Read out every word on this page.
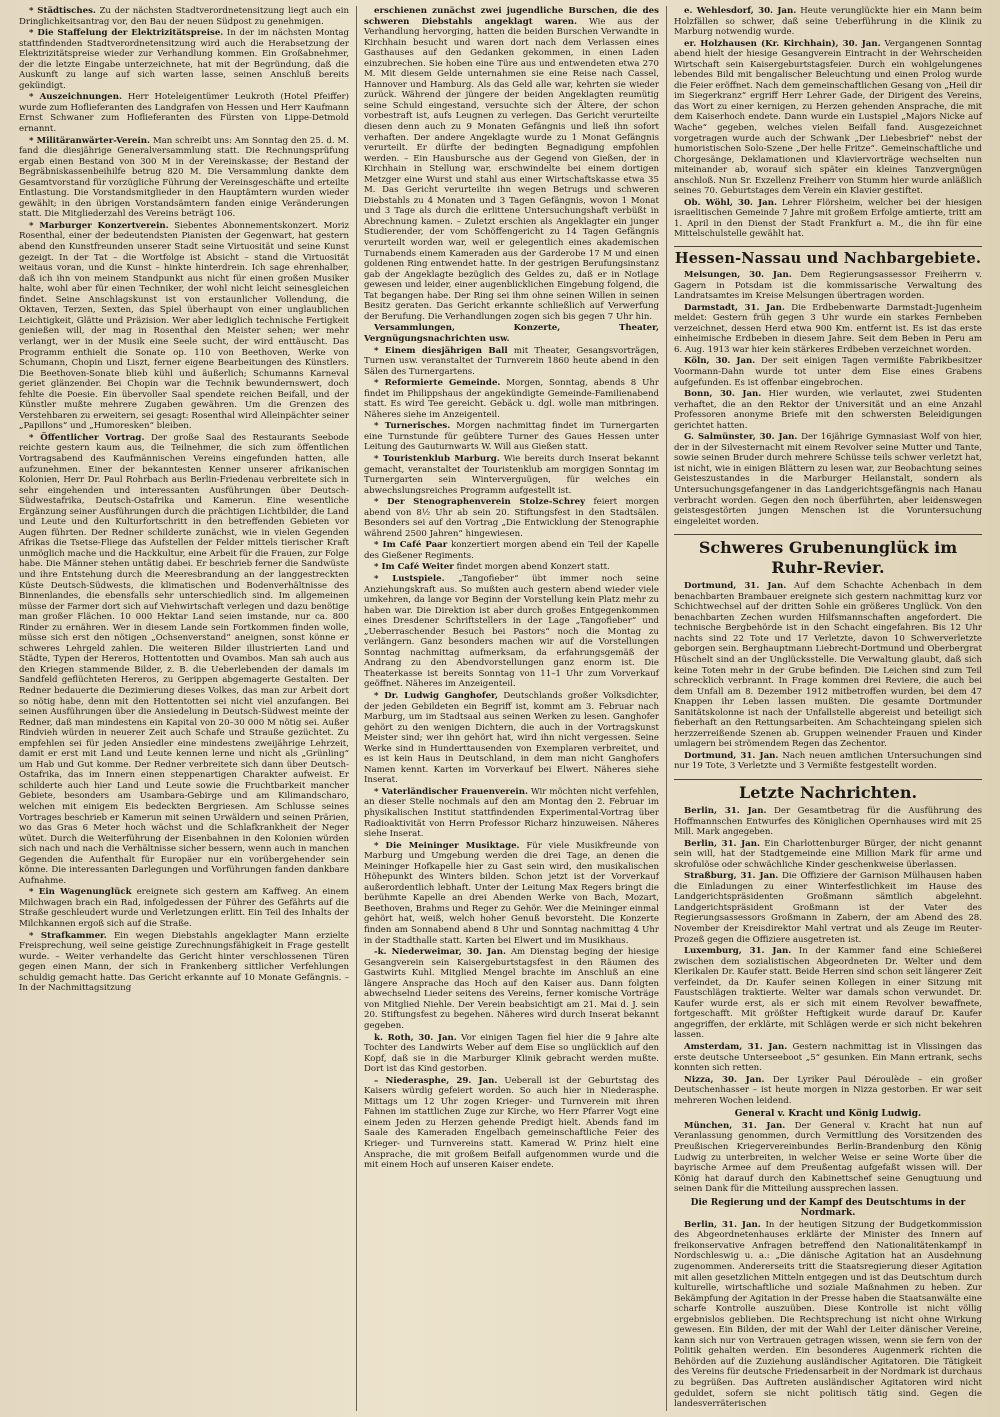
* Städtisches. Zu der nächsten Stadtverordnetensitzung liegt auch ein Dringlichkeitsantrag vor, den Bau der neuen Südpost zu genehmigen.

* Die Staffelung der Elektrizitätspreise. In der im nächsten Montag stattfindenden Stadtverordnetensitzung wird auch die Herabsetzung der Elektrizitätspreise wieder zur Verhandlung kommen. Ein Großabnehmer, der die letzte Eingabe unterzeichnete, hat mit der Begründung, daß die Auskunft zu lange auf sich warten lasse, seinen Anschluß bereits gekündigt.

* Auszeichnungen. Herr Hoteleigentümer Leukroth (Hotel Pfeiffer) wurde zum Hoflieferanten des Landgrafen von Hessen und Herr Kaufmann Ernst Schwaner zum Hoflieferanten des Fürsten von Lippe-Detmold ernannt.

* Militäranwärter-Verein. Man schreibt uns: Am Sonntag den 25. d. M. fand die diesjährige Generalversammlung statt. Die Rechnungsprüfung ergab einen Bestand von 300 M in der Vereinskasse; der Bestand der Begräbniskassenbeihilfe betrug 820 M. Die Versammlung dankte dem Gesamtvorstand für vorzügliche Führung der Vereinsgeschäfte und erteilte Entlastung. Die Vorstandsmitglieder in den Hauptämtern wurden wieder gewählt; in den übrigen Vorstandsämtern fanden einige Veränderungen statt. Die Mitgliederzahl des Vereins beträgt 106.

* Marburger Konzertverein. Siebentes Abonnementskonzert. Moriz Rosenthal, einer der bedeutendsten Pianisten der Gegenwart, hat gestern abend den Kunstfreunden unserer Stadt seine Virtuosität und seine Kunst gezeigt. In der Tat – die Wortfolge ist Absicht – stand die Virtuosität weitaus voran, und die Kunst – hinkte hinterdrein. Ich sage ehrenhalber, daß ich ihn von meinem Standpunkt aus nicht für einen großen Musiker halte, wohl aber für einen Techniker, der wohl nicht leicht seinesgleichen findet. Seine Anschlagskunst ist von erstaunlicher Vollendung, die Oktaven, Terzen, Sexten, das Spiel überhaupt von einer unglaublichen Leichtigkeit, Glätte und Präzision. Wer aber lediglich technische Fertigkeit genießen will, der mag in Rosenthal den Meister sehen; wer mehr verlangt, wer in der Musik eine Seele sucht, der wird enttäuscht. Das Programm enthielt die Sonate op. 110 von Beethoven, Werke von Schumann, Chopin und Liszt, ferner eigene Bearbeitungen des Künstlers. Die Beethoven-Sonate blieb kühl und äußerlich; Schumanns Karneval geriet glänzender. Bei Chopin war die Technik bewundernswert, doch fehlte die Poesie. Ein übervoller Saal spendete reichen Beifall, und der Künstler mußte mehrere Zugaben gewähren. Um die Grenzen des Verstehbaren zu erweitern, sei gesagt: Rosenthal wird Alleinpächter seiner „Papillons“ und „Humoresken“ bleiben.

* Öffentlicher Vortrag. Der große Saal des Restaurants Seebode reichte gestern kaum aus, die Teilnehmer, die sich zum öffentlichen Vortragsabend des Kaufmännischen Vereins eingefunden hatten, alle aufzunehmen. Einer der bekanntesten Kenner unserer afrikanischen Kolonien, Herr Dr. Paul Rohrbach aus Berlin-Friedenau verbreitete sich in sehr eingehenden und interessanten Ausführungen über Deutsch-Südwestafrika, Deutsch-Ostafrika und Kamerun. Eine wesentliche Ergänzung seiner Ausführungen durch die prächtigen Lichtbilder, die Land und Leute und den Kulturfortschritt in den betreffenden Gebieten vor Augen führten. Der Redner schilderte zunächst, wie in vielen Gegenden Afrikas die Tsetse-Fliege das Aufstellen der Felder mittels tierischer Kraft unmöglich mache und die Hackkultur, eine Arbeit für die Frauen, zur Folge habe. Die Männer stehen untätig dabei. Er beschrieb ferner die Sandwüste und ihre Entstehung durch die Meeresbrandung an der langgestreckten Küste Deutsch-Südwests, die klimatischen und Bodenverhältnisse des Binnenlandes, die ebensfalls sehr unterschiedlich sind. Im allgemeinen müsse der Farmer dort sich auf Viehwirtschaft verlegen und dazu benötige man großer Flächen. 10 000 Hektar Land seien imstande, nur ca. 800 Rinder zu ernähren. Wer in diesem Lande sein Fortkommen finden wolle, müsse sich erst den nötigen „Ochsenverstand“ aneignen, sonst könne er schweres Lehrgeld zahlen. Die weiteren Bilder illustrierten Land und Städte, Typen der Hereros, Hottentotten und Ovambos. Man sah auch aus den Kriegen stammende Bilder, z. B. die Ueberlebenden der damals im Sandfeld geflüchteten Hereros, zu Gerippen abgemagerte Gestalten. Der Redner bedauerte die Dezimierung dieses Volkes, das man zur Arbeit dort so nötig habe, denn mit den Hottentotten sei nicht viel anzufangen. Bei seinen Ausführungen über die Ansiedelung in Deutsch-Südwest meinte der Redner, daß man mindestens ein Kapital von 20–30 000 M nötig sei. Außer Rindvieh würden in neuerer Zeit auch Schafe und Strauße gezüchtet. Zu empfehlen sei für jeden Ansiedler eine mindestens zweijährige Lehrzeit, damit er erst mit Land und Leute kennen lerne und nicht als „Grünling“ um Hab und Gut komme. Der Redner verbreitete sich dann über Deutsch-Ostafrika, das im Innern einen steppenartigen Charakter aufweist. Er schilderte auch hier Land und Leute sowie die Fruchtbarkeit mancher Gebiete, besonders am Usambara-Gebirge und am Kilimandscharo, welchen mit einigem Eis bedeckten Bergriesen. Am Schlusse seines Vortrages beschrieb er Kamerun mit seinen Urwäldern und seinen Prärien, wo das Gras 6 Meter hoch wächst und die Schlafkrankheit der Neger wütet. Durch die Weiterführung der Eisenbahnen in den Kolonien würden sich nach und nach die Verhältnisse sicher bessern, wenn auch in manchen Gegenden die Aufenthalt für Europäer nur ein vorübergehender sein könne. Die interessanten Darlegungen und Vorführungen fanden dankbare Aufnahme.

* Ein Wagenunglück ereignete sich gestern am Kaffweg. An einem Milchwagen brach ein Rad, infolgedessen der Führer des Gefährts auf die Straße geschleudert wurde und Verletzungen erlitt. Ein Teil des Inhalts der Milchkannen ergoß sich auf die Straße.

* Strafkammer. Ein wegen Diebstahls angeklagter Mann erzielte Freisprechung, weil seine geistige Zurechnungsfähigkeit in Frage gestellt wurde. – Weiter verhandelte das Gericht hinter verschlossenen Türen gegen einen Mann, der sich in Frankenberg sittlicher Verfehlungen schuldig gemacht hatte. Das Gericht erkannte auf 10 Monate Gefängnis. – In der Nachmittagsitzung

erschienen zunächst zwei jugendliche Burschen, die des schweren Diebstahls angeklagt waren. Wie aus der Verhandlung hervorging, hatten die beiden Burschen Verwandte in Kirchhain besucht und waren dort nach dem Verlassen eines Gasthauses auf den Gedanken gekommen, in einen Laden einzubrechen. Sie hoben eine Türe aus und entwendeten etwa 270 M. Mit diesem Gelde unternahmen sie eine Reise nach Cassel, Hannover und Hamburg. Als das Geld alle war, kehrten sie wieder zurück. Während der jüngere der beiden Angeklagten reumütig seine Schuld eingestand, versuchte sich der Ältere, der schon vorbestraft ist, aufs Leugnen zu verlegen. Das Gericht verurteilte diesen denn auch zu 9 Monaten Gefängnis und ließ ihn sofort verhaften. Der andere Angeklagte wurde zu 1 Monat Gefängnis verurteilt. Er dürfte der bedingten Begnadigung empfohlen werden. – Ein Hausbursche aus der Gegend von Gießen, der in Kirchhain in Stellung war, erschwindelte bei einem dortigen Metzger eine Wurst und stahl aus einer Wirtschaftskasse etwa 35 M. Das Gericht verurteilte ihn wegen Betrugs und schweren Diebstahls zu 4 Monaten und 3 Tagen Gefängnis, wovon 1 Monat und 3 Tage als durch die erlittene Untersuchungshaft verbüßt in Abrechnung kamen. – Zuletzt erschien als Angeklagter ein junger Studierender, der vom Schöffengericht zu 14 Tagen Gefängnis verurteilt worden war, weil er gelegentlich eines akademischen Turnabends einem Kameraden aus der Garderobe 17 M und einen goldenen Ring entwendet hatte. In der gestrigen Berufungsinstanz gab der Angeklagte bezüglich des Geldes zu, daß er in Notlage gewesen und leider, einer augenblicklichen Eingebung folgend, die Tat begangen habe. Der Ring sei ihm ohne seinen Willen in seinen Besitz geraten. Das Gericht erkannte schließlich auf Verwerfung der Berufung. Die Verhandlungen zogen sich bis gegen 7 Uhr hin.

Versammlungen, Konzerte, Theater, Vergnügungsnachrichten usw.

* Einem diesjährigen Ball mit Theater, Gesangsvorträgen, Turnen usw. veranstaltet der Turnverein 1860 heute abend in den Sälen des Turnergartens.

* Reformierte Gemeinde. Morgen, Sonntag, abends 8 Uhr findet im Philippshaus der angekündigte Gemeinde-Familienabend statt. Es wird Tee gereicht. Gebäck u. dgl. wolle man mitbringen. Näheres siehe im Anzeigenteil.

* Turnerisches. Morgen nachmittag findet im Turnergarten eine Turnstunde für geübtere Turner des Gaues Hessen unter Leitung des Gauturnwarts W. Will aus Gießen statt.

* Touristenklub Marburg. Wie bereits durch Inserat bekannt gemacht, veranstaltet der Touristenklub am morgigen Sonntag im Turnergarten sein Winterverguügen, für welches ein abwechslungsreiches Programm aufgestellt ist.

* Der Stenographenverein Stolze-Schrey feiert morgen abend von 8½ Uhr ab sein 20. Stiftungsfest in den Stadtsälen. Besonders sei auf den Vortrag „Die Entwicklung der Stenographie während 2500 Jahren“ hingewiesen.

* Im Café Paar konzertiert morgen abend ein Teil der Kapelle des Gießener Regiments.

* Im Café Weiter findet morgen abend Konzert statt.

* Lustspiele. „Tangofieber“ übt immer noch seine Anziehungskraft aus. So mußten auch gestern abend wieder viele umkehren, da lange vor Beginn der Vorstellung kein Platz mehr zu haben war. Die Direktion ist aber durch großes Entgegenkommen eines Dresdener Schriftstellers in der Lage „Tangofieber“ und „Ueberraschender Besuch bei Pastors“ noch die Montag zu verlängern. Ganz besonders machen wir auf die Vorstellungen Sonntag nachmittag aufmerksam, da erfahrungsgemäß der Andrang zu den Abendvorstellungen ganz enorm ist. Die Theaterkasse ist bereits Sonntag von 11–1 Uhr zum Vorverkauf geöffnet. Näheres im Anzeigenteil.

* Dr. Ludwig Ganghofer, Deutschlands großer Volksdichter, der jeden Gebildeten ein Begriff ist, kommt am 3. Februar nach Marburg, um im Stadtsaal aus seinen Werken zu lesen. Ganghofer gehört zu den wenigen Dichtern, die auch in der Vortragskunst Meister sind; wer ihn gehört hat, wird ihn nicht vergessen. Seine Werke sind in Hunderttausenden von Exemplaren verbreitet, und es ist kein Haus in Deutschland, in dem man nicht Ganghofers Namen kennt. Karten im Vorverkauf bei Elwert. Näheres siehe Inserat.

* Vaterländischer Frauenverein. Wir möchten nicht verfehlen, an dieser Stelle nochmals auf den am Montag den 2. Februar im physikalischen Institut stattfindenden Experimental-Vortrag über Radioaktivität von Herrn Professor Richarz hinzuweisen. Näheres siehe Inserat.

* Die Meininger Musiktage. Für viele Musikfreunde von Marburg und Umgebung werden die drei Tage, an denen die Meininger Hofkapelle hier zu Gast sein wird, den musikalischen Höhepunkt des Winters bilden. Schon jetzt ist der Vorverkauf außerordentlich lebhaft. Unter der Leitung Max Regers bringt die berühmte Kapelle an drei Abenden Werke von Bach, Mozart, Beethoven, Brahms und Reger zu Gehör. Wer die Meininger einmal gehört hat, weiß, welch hoher Genuß bevorsteht. Die Konzerte finden am Sonnabend abend 8 Uhr und Sonntag nachmittag 4 Uhr in der Stadthalle statt. Karten bei Elwert und im Musikhaus.

-k. Niederweimar, 30. Jan. Am Dienstag beging der hiesige Gesangverein sein Kaisergeburtstagsfest in den Räumen des Gastwirts Kuhl. Mitglied Mengel brachte im Anschluß an eine längere Ansprache das Hoch auf den Kaiser aus. Dann folgten abwechselnd Lieder seitens des Vereins, ferner komische Vorträge von Mitglied Niehle. Der Verein beabsichtigt am 21. Mai d. J. sein 20. Stiftungsfest zu begehen. Näheres wird durch Inserat bekannt gegeben.

k. Roth, 30. Jan. Vor einigen Tagen fiel hier die 9 Jahre alte Tochter des Landwirts Weber auf dem Eise so unglücklich auf den Kopf, daß sie in die Marburger Klinik gebracht werden mußte. Dort ist das Kind gestorben.

– Niederasphe, 29. Jan. Ueberall ist der Geburtstag des Kaisers würdig gefeiert worden. So auch hier in Niederasphe. Mittags um 12 Uhr zogen Krieger- und Turnverein mit ihren Fahnen im stattlichen Zuge zur Kirche, wo Herr Pfarrer Vogt eine einem Jeden zu Herzen gehende Predigt hielt. Abends fand im Saale des Kameraden Engelbach gemeinschaftliche Feier des Krieger- und Turnvereins statt. Kamerad W. Prinz hielt eine Ansprache, die mit großem Beifall aufgenommen wurde und die mit einem Hoch auf unseren Kaiser endete.

e. Wehlesdorf, 30. Jan. Heute verunglückte hier ein Mann beim Holzfällen so schwer, daß seine Ueberführung in die Klinik zu Marburg notwendig wurde.

er. Holzhausen (Kr. Kirchhain), 30. Jan. Vergangenen Sonntag abend hielt der hiesige Gesangverein Eintracht in der Wehrscheiden Wirtschaft sein Kaisergeburtstagsfeier. Durch ein wohlgelungenes lebendes Bild mit bengalischer Beleuchtung und einen Prolog wurde die Feier eröffnet. Nach dem gemeinschaftlichen Gesang von „Heil dir im Siegerkranz“ ergriff Herr Lehrer Gade, der Dirigent des Vereins, das Wort zu einer kernigen, zu Herzen gehenden Ansprache, die mit dem Kaiserhoch endete. Dann wurde ein Lustspiel „Majors Nicke auf Wache“ gegeben, welches vielen Beifall fand. Ausgezeichnet vorgetragen wurde auch der Schwank „Der Liebesbrief“ nebst der humoristischen Solo-Szene „Der helle Fritze“. Gemeinschaftliche und Chorgesänge, Deklamationen und Klaviervorträge wechselten nun miteinander ab, worauf sich später ein kleines Tanzvergnügen anschloß. Nun Sr. Exzellenz Freiherr von Stumm hier wurde anläßlich seines 70. Geburtstages dem Verein ein Klavier gestiftet.

Ob. Wöhl, 30. Jan. Lehrer Flörsheim, welcher bei der hiesigen israelitischen Gemeinde 7 Jahre mit großem Erfolge amtierte, tritt am 1. April in den Dienst der Stadt Frankfurt a. M., die ihn für eine Mittelschulstelle gewählt hat.

Hessen-Nassau und Nachbargebiete.

Melsungen, 30. Jan. Dem Regierungsassessor Freiherrn v. Gagern in Potsdam ist die kommissarische Verwaltung des Landratsamtes im Kreise Melsungen übertragen worden.

Darmstadt, 31. Jan. Die Erdbebenwarte Darmstadt-Jugenheim meldet: Gestern früh gegen 3 Uhr wurde ein starkes Fernbeben verzeichnet, dessen Herd etwa 900 Km. entfernt ist. Es ist das erste einheimische Erdbeben in diesem Jahre. Seit dem Beben in Peru am 6. Aug. 1913 war hier kein stärkeres Erdbeben verzeichnet worden.

Köln, 30. Jan. Der seit einigen Tagen vermißte Fabrikbesitzer Voormann-Dahn wurde tot unter dem Eise eines Grabens aufgefunden. Es ist offenbar eingebrochen.

Bonn, 30. Jan. Hier wurden, wie verlautet, zwei Studenten verhaftet, die an den Rektor der Universität und an eine Anzahl Professoren anonyme Briefe mit den schwersten Beleidigungen gerichtet hatten.

G. Salmünster, 30. Jan. Der 16jährige Gymnasiast Wolf von hier, der in der Silvesternacht mit einem Revolver seine Mutter und Tante, sowie seinen Bruder durch mehrere Schüsse teils schwer verletzt hat, ist nicht, wie in einigen Blättern zu lesen war, zur Beobachtung seines Geisteszustandes in die Marburger Heilanstalt, sondern als Untersuchungsgefangener in das Landgerichtsgefängnis nach Hanau verbracht worden. Gegen den noch überführten, aber leidenswegen geistesgestörten jungen Menschen ist die Voruntersuchung eingeleitet worden.

Schweres Grubenunglück im Ruhr-Revier.

Dortmund, 31. Jan. Auf dem Schachte Achenbach in dem benachbarten Brambauer ereignete sich gestern nachmittag kurz vor Schichtwechsel auf der dritten Sohle ein größeres Unglück. Von den benachbarten Zechen wurden Hilfsmannschaften angefordert. Die technische Bergbehörde ist in den Schacht eingefahren. Bis 12 Uhr nachts sind 22 Tote und 17 Verletzte, davon 10 Schwerverletzte geborgen sein. Berghauptmann Liebrecht-Dortmund und Oberbergrat Hüschelt sind an der Unglücksstelle. Die Verwaltung glaubt, daß sich keine Toten mehr in der Grube befinden. Die Leichen sind zum Teil schrecklich verbrannt. In Frage kommen drei Reviere, die auch bei dem Unfall am 8. Dezember 1912 mitbetroffen wurden, bei dem 47 Knappen ihr Leben lassen mußten. Die gesamte Dortmunder Sanitätskolonne ist nach der Unfallstelle abgereist und beteiligt sich fieberhaft an den Rettungsarbeiten. Am Schachteingang spielen sich herzzerreißende Szenen ab. Gruppen weinender Frauen und Kinder umlagern bei strömendem Regen das Zechentor.

Dortmund, 31. Jan. Nach neuen amtlichen Untersuchungen sind nur 19 Tote, 3 Verletzte und 3 Vermißte festgestellt worden.

Letzte Nachrichten.

Berlin, 31. Jan. Der Gesamtbetrag für die Ausführung des Hoffmannschen Entwurfes des Königlichen Opernhauses wird mit 25 Mill. Mark angegeben.

Berlin, 31. Jan. Ein Charlottenburger Bürger, der nicht genannt sein will, hat der Stadtgemeinde eine Million Mark für arme und skrofulöse oder schwächliche Kinder geschenkweise überlassen.

Straßburg, 31. Jan. Die Offiziere der Garnison Mülhausen haben die Einladungen zu einer Winterfestlichkeit im Hause des Landgerichtspräsidenten Großmann sämtlich abgelehnt. Landgerichtspräsident Großmann ist der Vater des Regierungsassessors Großmann in Zabern, der am Abend des 28. November der Kreisdirektor Mahl vertrat und als Zeuge im Reuter-Prozeß gegen die Offiziere ausgetreten ist.

Luxemburg, 31. Jan. In der Kammer fand eine Schießerei zwischen dem sozialistischen Abgeordneten Dr. Welter und dem Klerikalen Dr. Kaufer statt. Beide Herren sind schon seit längerer Zeit verfeindet, da Dr. Kaufer seinen Kollegen in einer Sitzung mit Faustschlägen traktierte. Welter war damals schon verwundet. Dr. Kaufer wurde erst, als er sich mit einem Revolver bewaffnete, fortgeschafft. Mit größter Heftigkeit wurde darauf Dr. Kaufer angegriffen, der erklärte, mit Schlägen werde er sich nicht bekehren lassen.

Amsterdam, 31. Jan. Gestern nachmittag ist in Vlissingen das erste deutsche Unterseeboot „5“ gesunken. Ein Mann ertrank, sechs konnten sich retten.

Nizza, 30. Jan. Der Lyriker Paul Déroulède – ein großer Deutschenhasser – ist heute morgen in Nizza gestorben. Er war seit mehreren Wochen leidend.

General v. Kracht und König Ludwig.

München, 31. Jan. Der General v. Kracht hat nun auf Veranlassung genommen, durch Vermittlung des Vorsitzenden des Preußischen Kriegervereinbundes Berlin-Brandenburg den König Ludwig zu unterbreiten, in welcher Weise er seine Worte über die bayrische Armee auf dem Preußentag aufgefaßt wissen will. Der König hat darauf durch den Kabinettschef seine Genugtuung und seinen Dank für die Mitteilung aussprechen lassen.

Die Regierung und der Kampf des Deutschtums in der Nordmark.

Berlin, 31. Jan. In der heutigen Sitzung der Budgetkommission des Abgeordnetenhauses erklärte der Minister des Innern auf freikonservative Anfragen betreffend den Nationalitätenkampf in Nordschleswig u. a.: „Die dänische Agitation hat an Ausdehnung zugenommen. Andererseits tritt die Staatsregierung dieser Agitation mit allen gesetzlichen Mitteln entgegen und ist das Deutschtum durch kulturelle, wirtschaftliche und soziale Maßnahmen zu heben. Zur Bekämpfung der Agitation in der Presse haben die Staatsanwälte eine scharfe Kontrolle auszuüben. Diese Kontrolle ist nicht völlig ergebnislos geblieben. Die Rechtsprechung ist nicht ohne Wirkung gewesen. Ein Bilden, der mit der Wahl der Leiter dänischer Vereine, kann sich nur von Vertrauen getragen wissen, wenn sie fern von der Politik gehalten werden. Ein besonderes Augenmerk richten die Behörden auf die Zuziehung ausländischer Agitatoren. Die Tätigkeit des Vereins für deutsche Friedensarbeit in der Nordmark ist durchaus zu begrüßen. Das Auftreten ausländischer Agitatoren wird nicht geduldet, sofern sie nicht politisch tätig sind. Gegen die landesverräterischen
